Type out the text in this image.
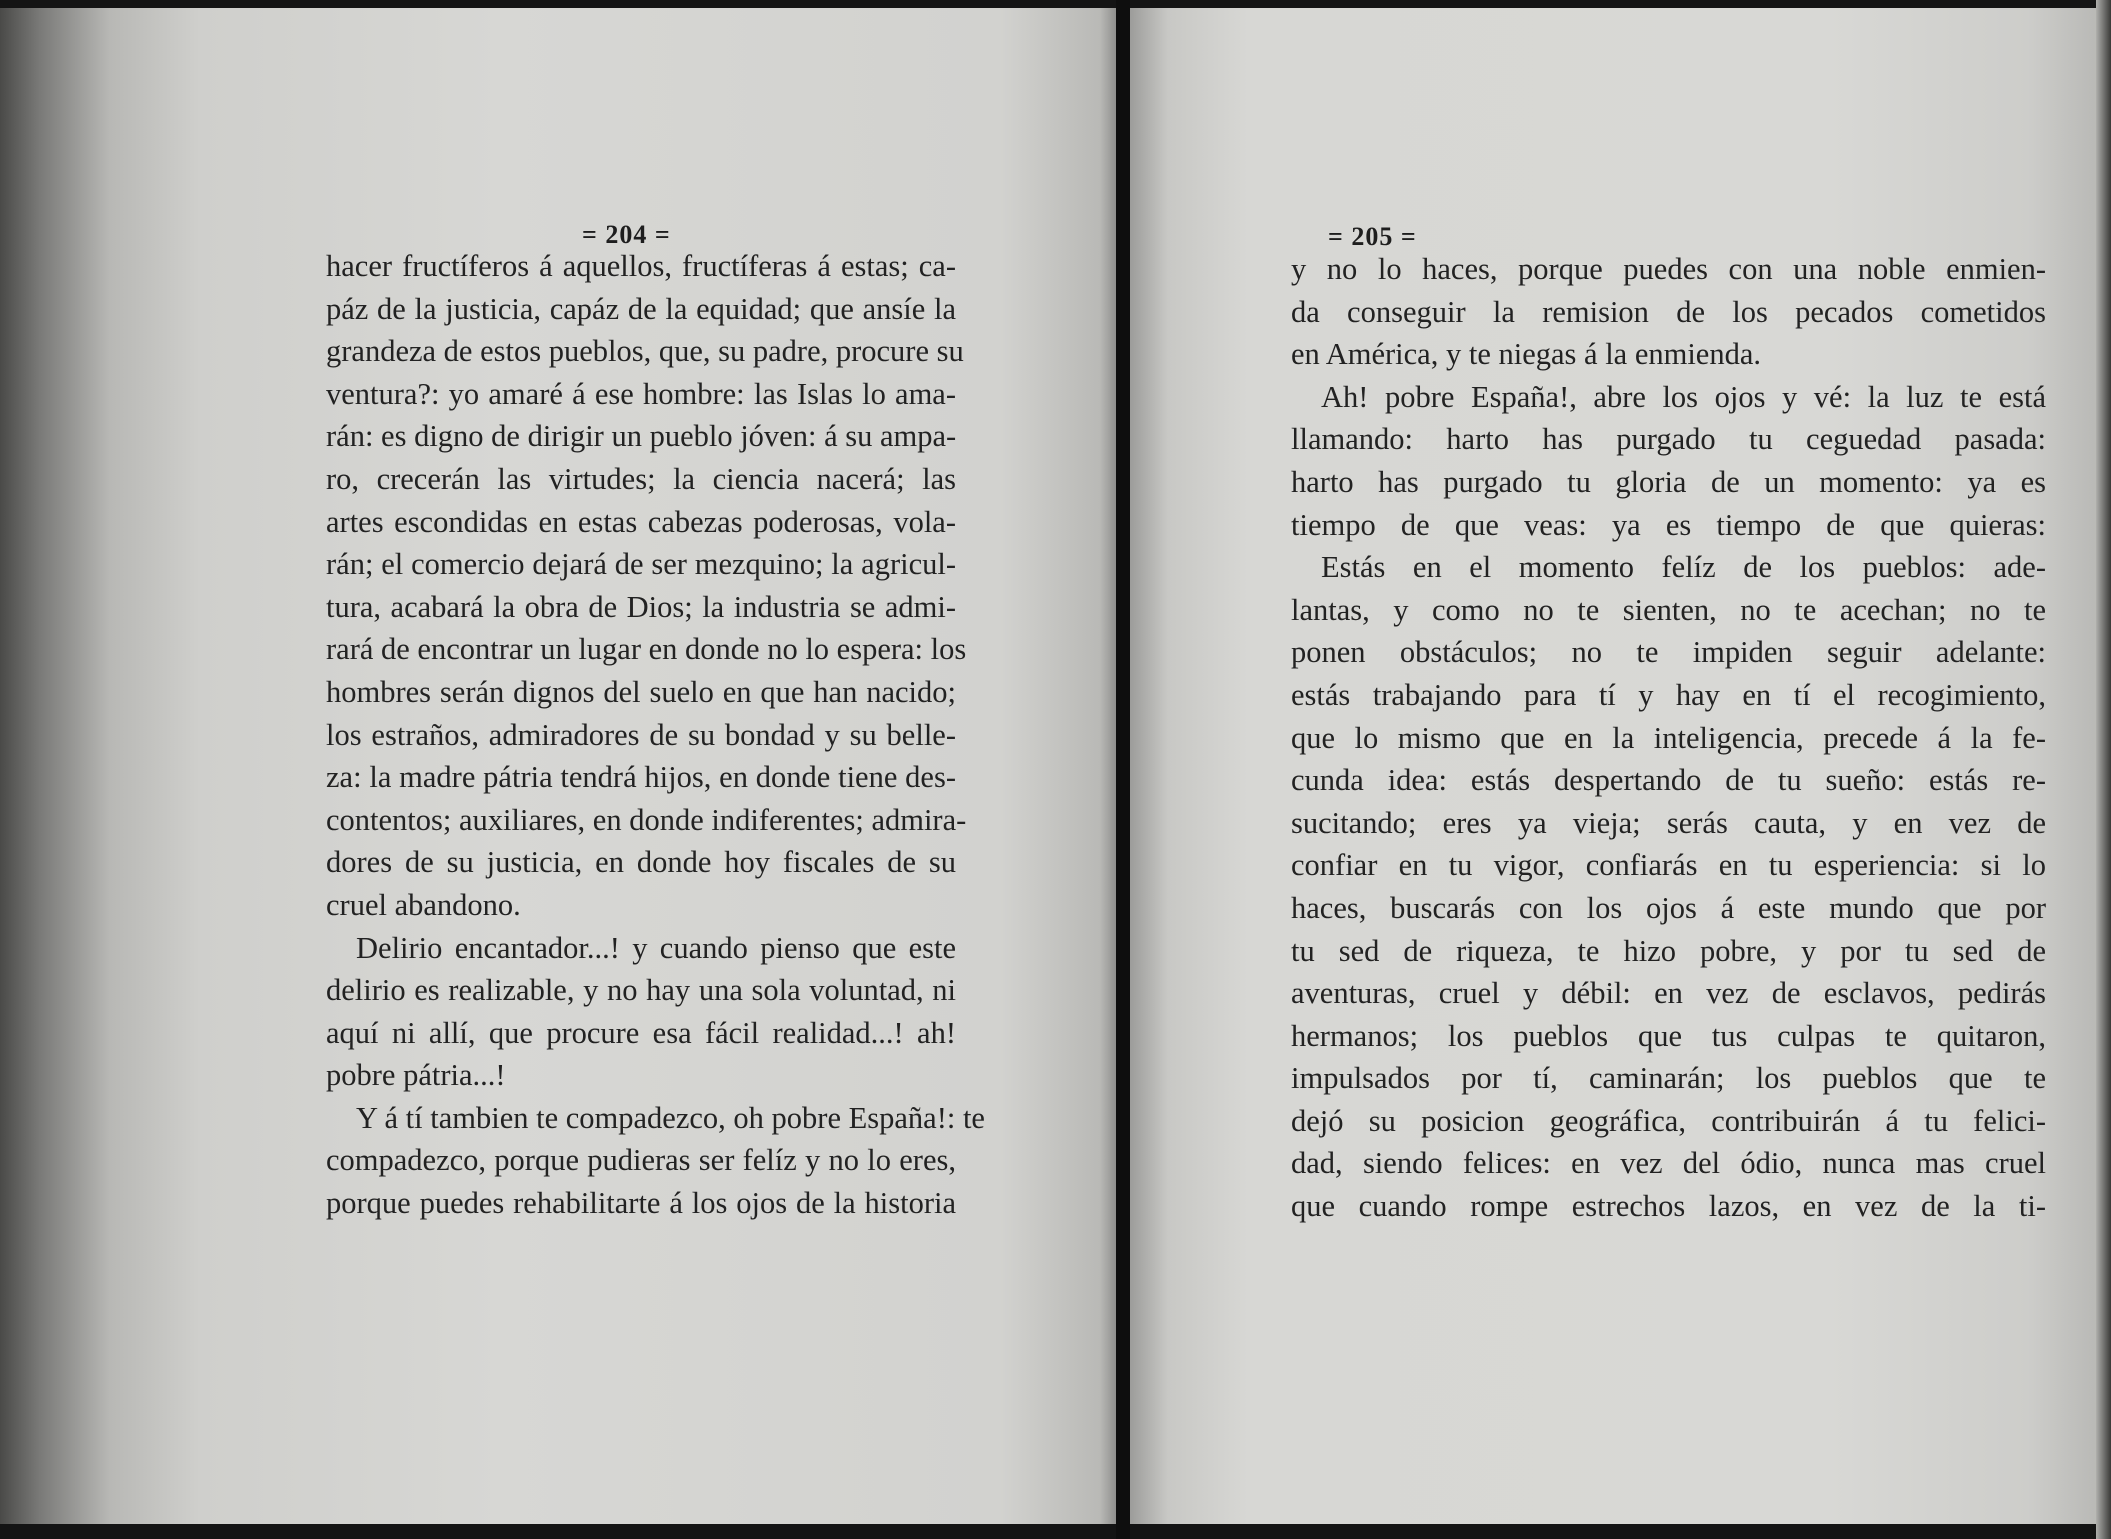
= 204 =
hacer fructíferos á aquellos, fructíferas á estas; ca-
páz de la justicia, capáz de la equidad; que ansíe la
grandeza de estos pueblos, que, su padre, procure su
ventura?: yo amaré á ese hombre: las Islas lo ama-
rán: es digno de dirigir un pueblo jóven: á su ampa-
ro, crecerán las virtudes; la ciencia nacerá; las
artes escondidas en estas cabezas poderosas, vola-
rán; el comercio dejará de ser mezquino; la agricul-
tura, acabará la obra de Dios; la industria se admi-
rará de encontrar un lugar en donde no lo espera: los
hombres serán dignos del suelo en que han nacido;
los estraños, admiradores de su bondad y su belle-
za: la madre pátria tendrá hijos, en donde tiene des-
contentos; auxiliares, en donde indiferentes; admira-
dores de su justicia, en donde hoy fiscales de su
cruel abandono.
Delirio encantador...! y cuando pienso que este
delirio es realizable, y no hay una sola voluntad, ni
aquí ni allí, que procure esa fácil realidad...! ah!
pobre pátria...!
Y á tí tambien te compadezco, oh pobre España!: te
compadezco, porque pudieras ser felíz y no lo eres,
porque puedes rehabilitarte á los ojos de la historia
= 205 =
y no lo haces, porque puedes con una noble enmien-
da conseguir la remision de los pecados cometidos
en América, y te niegas á la enmienda.
Ah! pobre España!, abre los ojos y vé: la luz te está
llamando: harto has purgado tu ceguedad pasada:
harto has purgado tu gloria de un momento: ya es
tiempo de que veas: ya es tiempo de que quieras:
Estás en el momento felíz de los pueblos: ade-
lantas, y como no te sienten, no te acechan; no te
ponen obstáculos; no te impiden seguir adelante:
estás trabajando para tí y hay en tí el recogimiento,
que lo mismo que en la inteligencia, precede á la fe-
cunda idea: estás despertando de tu sueño: estás re-
sucitando; eres ya vieja; serás cauta, y en vez de
confiar en tu vigor, confiarás en tu esperiencia: si lo
haces, buscarás con los ojos á este mundo que por
tu sed de riqueza, te hizo pobre, y por tu sed de
aventuras, cruel y débil: en vez de esclavos, pedirás
hermanos; los pueblos que tus culpas te quitaron,
impulsados por tí, caminarán; los pueblos que te
dejó su posicion geográfica, contribuirán á tu felici-
dad, siendo felices: en vez del ódio, nunca mas cruel
que cuando rompe estrechos lazos, en vez de la ti-
